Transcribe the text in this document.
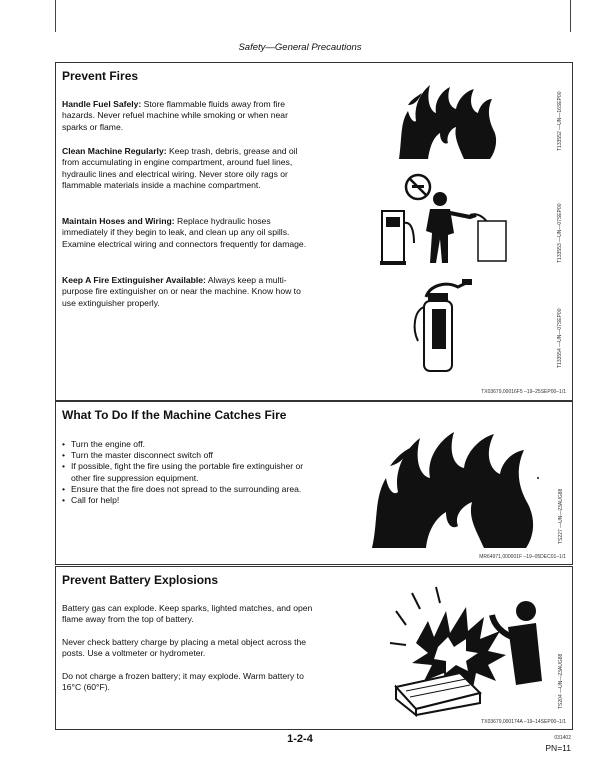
Safety—General Precautions
Prevent Fires

Handle Fuel Safely: Store flammable fluids away from fire hazards. Never refuel machine while smoking or when near sparks or flame.

Clean Machine Regularly: Keep trash, debris, grease and oil from accumulating in engine compartment, around fuel lines, hydraulic lines and electrical wiring. Never store oily rags or flammable materials inside a machine compartment.

Maintain Hoses and Wiring: Replace hydraulic hoses immediately if they begin to leak, and clean up any oil spills. Examine electrical wiring and connectors frequently for damage.

Keep A Fire Extinguisher Available: Always keep a multi-purpose fire extinguisher on or near the machine. Know how to use extinguisher properly.

T133552 —UN—16SEP00
T133553 —UN—07SEP00
T133554 —UN—07SEP00
TX03679,00016F5 –19–25SEP00–1/1
What To Do If the Machine Catches Fire
• Turn the engine off.
• Turn the master disconnect switch off
• If possible, fight the fire using the portable fire extinguisher or other fire suppression equipment.
• Ensure that the fire does not spread to the surrounding area.
• Call for help!	TS227 —UN—23AUG88
MR64971,000001F –19–05DEC01–1/1
Prevent Battery Explosions

Battery gas can explode. Keep sparks, lighted matches, and open flame away from the top of battery.

Never check battery charge by placing a metal object across the posts. Use a voltmeter or hydrometer.

Do not charge a frozen battery; it may explode. Warm battery to 16°C (60°F).	TS204 —UN—23AUG88
TX03679,000174A –19–14SEP00–1/1
1-2-4	031402
PN=11
